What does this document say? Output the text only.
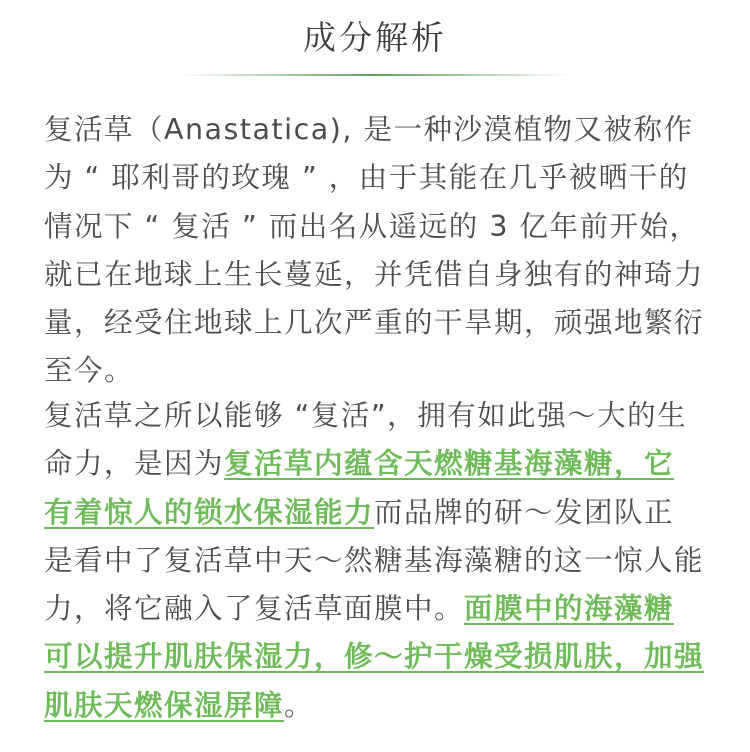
成分解析

复活草（Anastatica), 是一种沙漠植物又被称作为 “ 耶利哥的玫瑰 ” ，由于其能在几乎被晒干的情况下 “ 复活 ” 而出名从遥远的 3 亿年前开始，就已在地球上生长蔓延，并凭借自身独有的神琦力量，经受住地球上几次严重的干旱期，顽强地繁衍至今。

复活草之所以能够 “复活”，拥有如此强～大的生命力，是因为复活草内蕴含天燃糖基海藻糖，它有着惊人的锁水保湿能力而品牌的研～发团队正是看中了复活草中天～然糖基海藻糖的这一惊人能力，将它融入了复活草面膜中。面膜中的海藻糖可以提升肌肤保湿力，修～护干燥受损肌肤，加强肌肤天燃保湿屏障。
